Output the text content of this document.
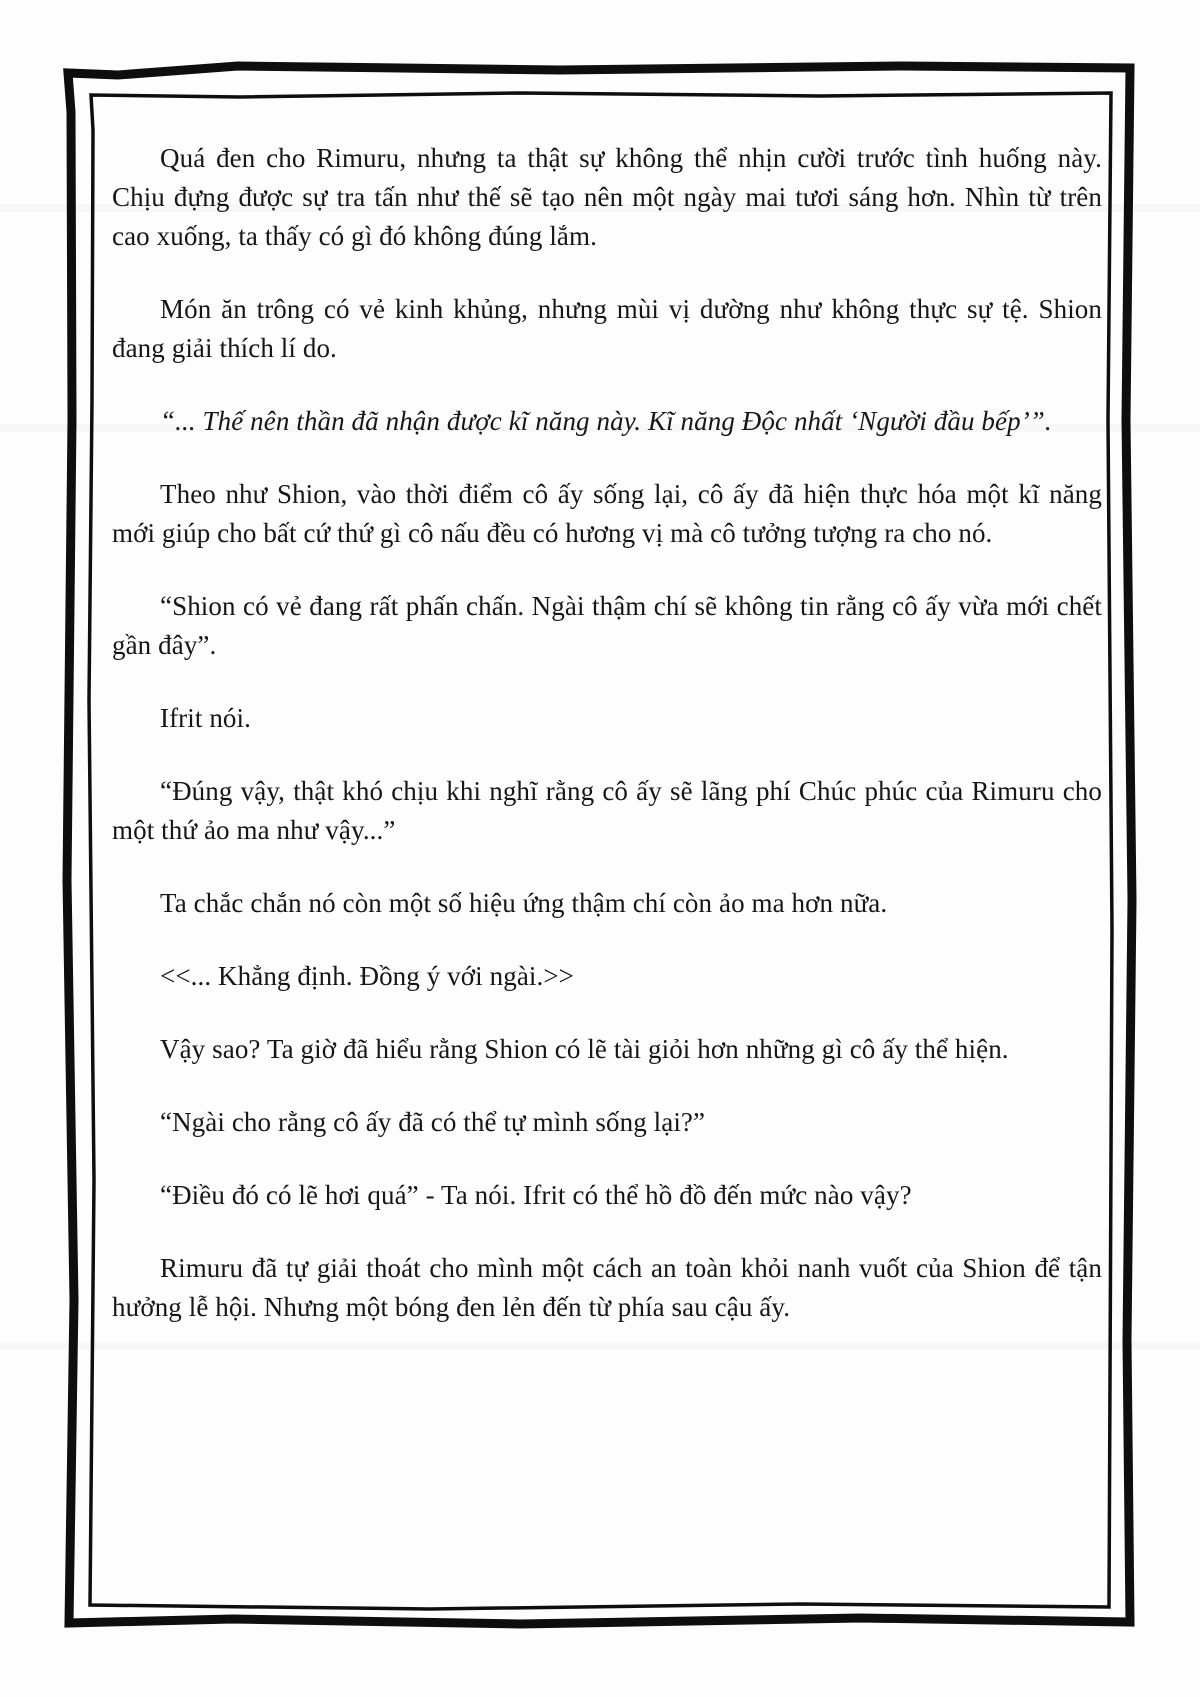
Quá đen cho Rimuru, nhưng ta thật sự không thể nhịn cười trước tình huống này. Chịu đựng được sự tra tấn như thế sẽ tạo nên một ngày mai tươi sáng hơn. Nhìn từ trên cao xuống, ta thấy có gì đó không đúng lắm.

Món ăn trông có vẻ kinh khủng, nhưng mùi vị dường như không thực sự tệ. Shion đang giải thích lí do.

“... Thế nên thần đã nhận được kĩ năng này. Kĩ năng Độc nhất ‘Người đầu bếp’”.

Theo như Shion, vào thời điểm cô ấy sống lại, cô ấy đã hiện thực hóa một kĩ năng mới giúp cho bất cứ thứ gì cô nấu đều có hương vị mà cô tưởng tượng ra cho nó.

“Shion có vẻ đang rất phấn chấn. Ngài thậm chí sẽ không tin rằng cô ấy vừa mới chết gần đây”.

Ifrit nói.

“Đúng vậy, thật khó chịu khi nghĩ rằng cô ấy sẽ lãng phí Chúc phúc của Rimuru cho một thứ ảo ma như vậy...”

Ta chắc chắn nó còn một số hiệu ứng thậm chí còn ảo ma hơn nữa.

<<... Khẳng định. Đồng ý với ngài.>>

Vậy sao? Ta giờ đã hiểu rằng Shion có lẽ tài giỏi hơn những gì cô ấy thể hiện.

“Ngài cho rằng cô ấy đã có thể tự mình sống lại?”

“Điều đó có lẽ hơi quá” - Ta nói. Ifrit có thể hồ đồ đến mức nào vậy?

Rimuru đã tự giải thoát cho mình một cách an toàn khỏi nanh vuốt của Shion để tận hưởng lễ hội. Nhưng một bóng đen lẻn đến từ phía sau cậu ấy.
